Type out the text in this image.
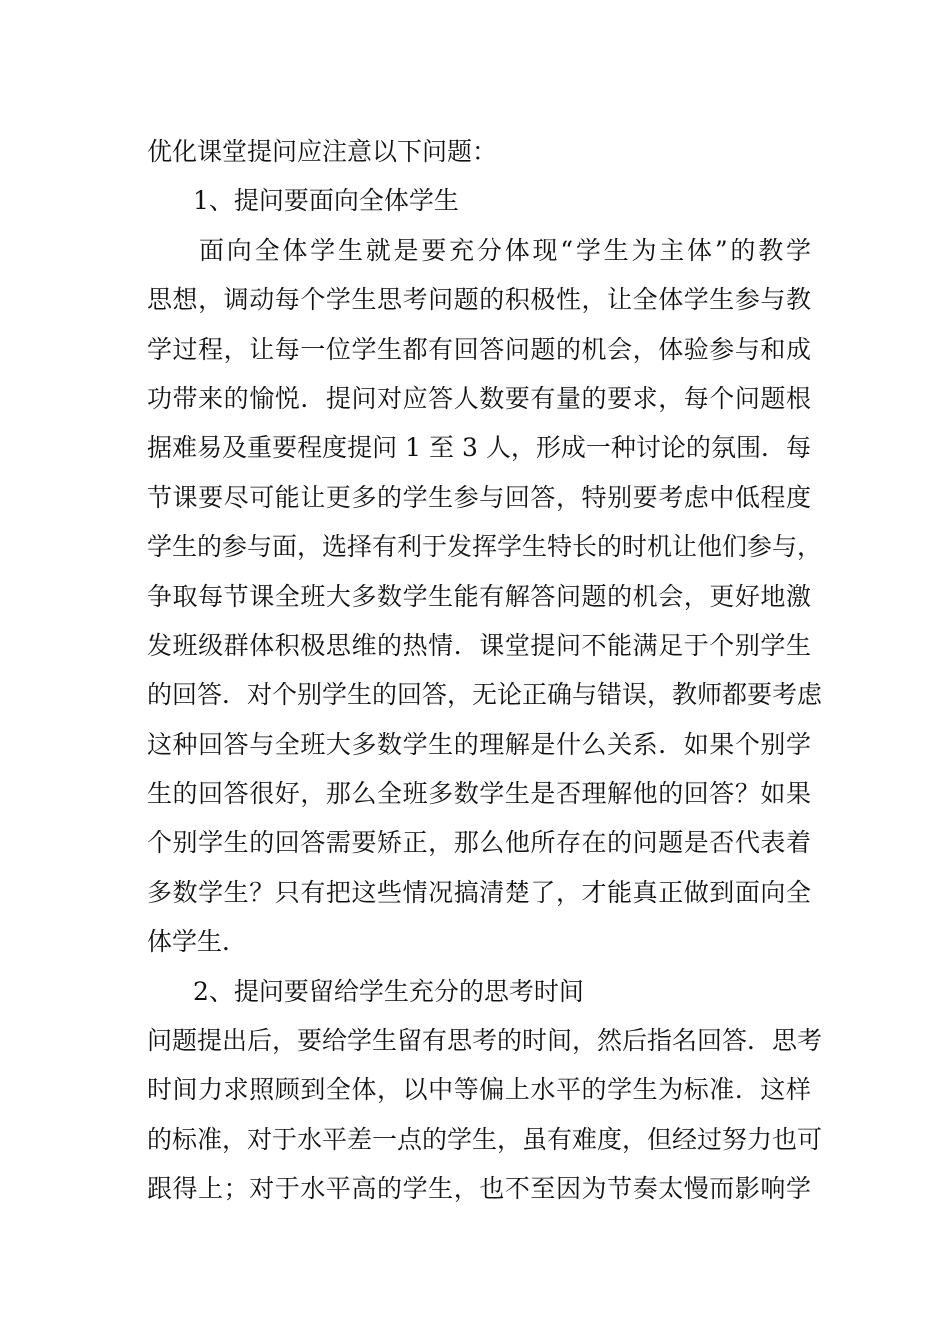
优化课堂提问应注意以下问题：
1、提问要面向全体学生
面向全体学生就是要充分体现“学生为主体”的教学
思想，调动每个学生思考问题的积极性，让全体学生参与教
学过程，让每一位学生都有回答问题的机会，体验参与和成
功带来的愉悦．提问对应答人数要有量的要求，每个问题根
据难易及重要程度提问 1 至 3 人，形成一种讨论的氛围．每
节课要尽可能让更多的学生参与回答，特别要考虑中低程度
学生的参与面，选择有利于发挥学生特长的时机让他们参与，
争取每节课全班大多数学生能有解答问题的机会，更好地激
发班级群体积极思维的热情．课堂提问不能满足于个别学生
的回答．对个别学生的回答，无论正确与错误，教师都要考虑
这种回答与全班大多数学生的理解是什么关系．如果个别学
生的回答很好，那么全班多数学生是否理解他的回答？如果
个别学生的回答需要矫正，那么他所存在的问题是否代表着
多数学生？只有把这些情况搞清楚了，才能真正做到面向全
体学生．
2、提问要留给学生充分的思考时间
问题提出后，要给学生留有思考的时间，然后指名回答．思考
时间力求照顾到全体，以中等偏上水平的学生为标准．这样
的标准，对于水平差一点的学生，虽有难度，但经过努力也可
跟得上；对于水平高的学生，也不至因为节奏太慢而影响学
